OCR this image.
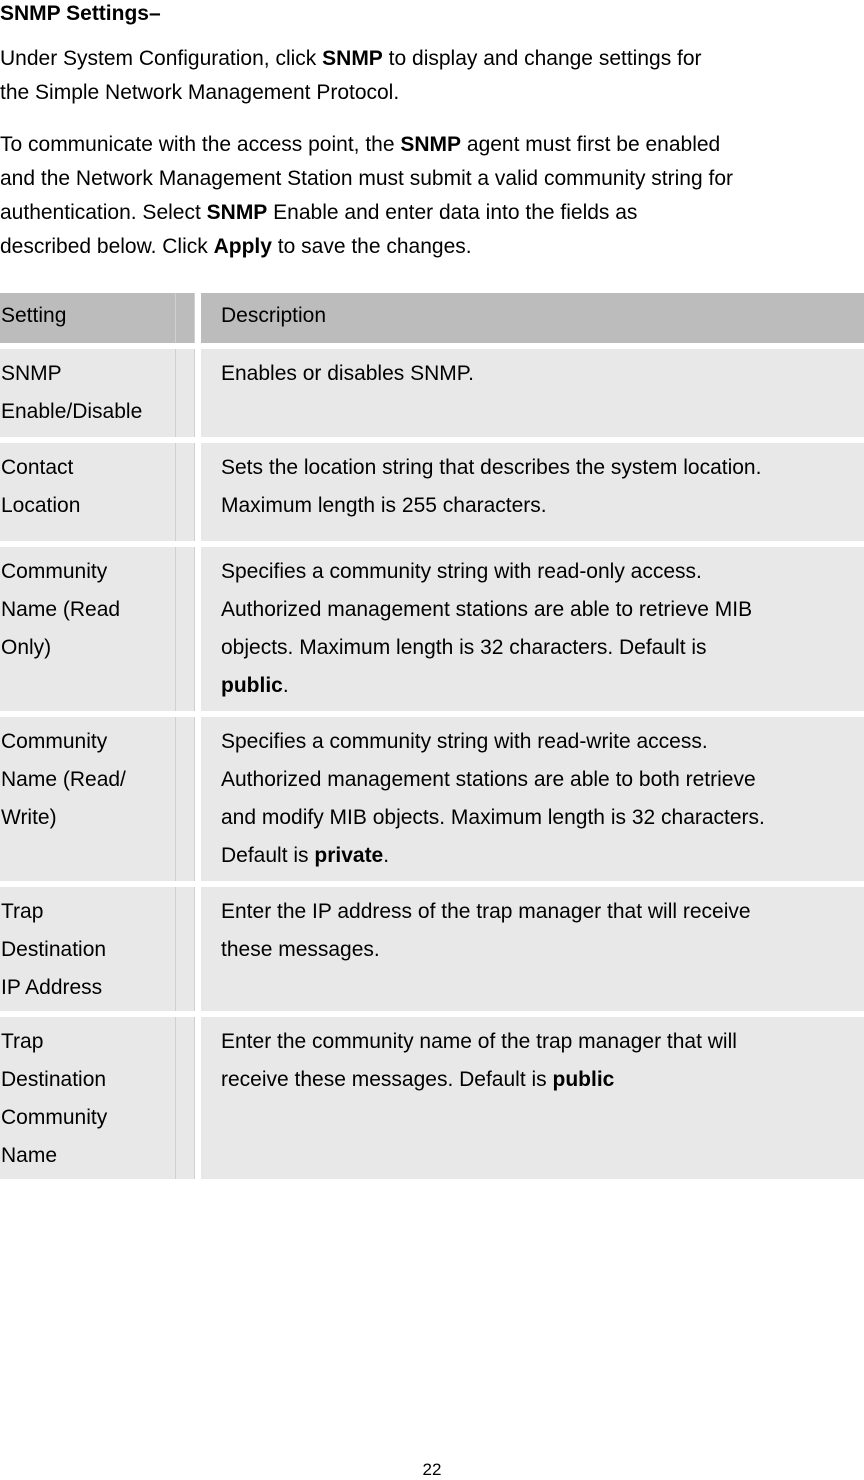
SNMP Settings–

Under System Configuration, click SNMP to display and change settings for
the Simple Network Management Protocol.

To communicate with the access point, the SNMP agent must first be enabled
and the Network Management Station must submit a valid community string for
authentication. Select SNMP Enable and enter data into the fields as
described below. Click Apply to save the changes.

Setting	Description
SNMP
Enable/Disable
Enables or disables SNMP.
Contact
Location
Sets the location string that describes the system location.
Maximum length is 255 characters.
Community
Name (Read
Only)
Specifies a community string with read-only access.
Authorized management stations are able to retrieve MIB
objects. Maximum length is 32 characters. Default is
public.
Community
Name (Read/
Write)
Specifies a community string with read-write access.
Authorized management stations are able to both retrieve
and modify MIB objects. Maximum length is 32 characters.
Default is private.
Trap
Destination
IP Address
Enter the IP address of the trap manager that will receive
these messages.
Trap
Destination
Community
Name
Enter the community name of the trap manager that will
receive these messages. Default is public
22
